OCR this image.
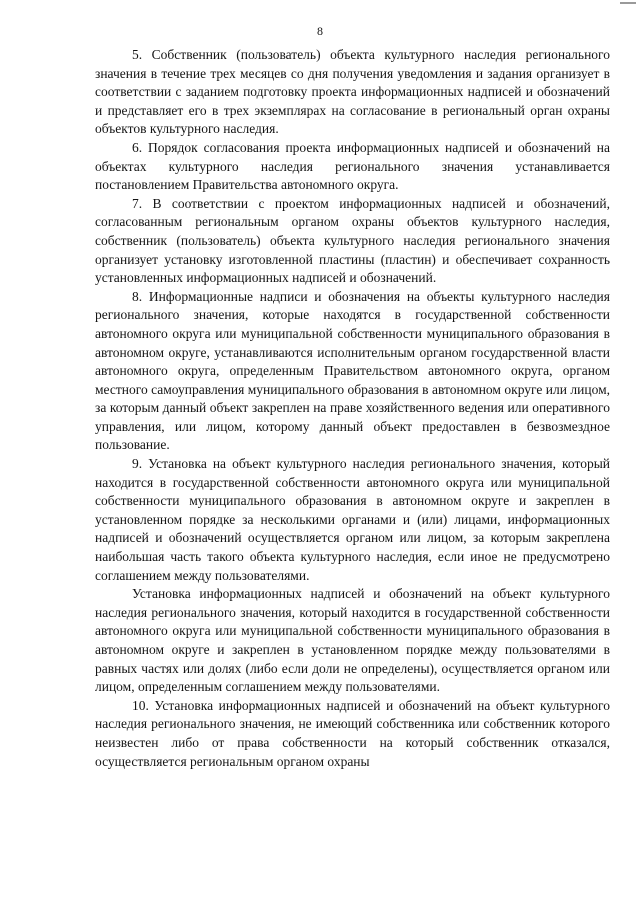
8

5. Собственник (пользователь) объекта культурного наследия регионального значения в течение трех месяцев со дня получения уведомления и задания организует в соответствии с заданием подготовку проекта информационных надписей и обозначений и представляет его в трех экземплярах на согласование в региональный орган охраны объектов культурного наследия.

6. Порядок согласования проекта информационных надписей и обозначений на объектах культурного наследия регионального значения устанавливается постановлением Правительства автономного округа.

7. В соответствии с проектом информационных надписей и обозначений, согласованным региональным органом охраны объектов культурного наследия, собственник (пользователь) объекта культурного наследия регионального значения организует установку изготовленной пластины (пластин) и обеспечивает сохранность установленных информационных надписей и обозначений.

8. Информационные надписи и обозначения на объекты культурного наследия регионального значения, которые находятся в государственной собственности автономного округа или муниципальной собственности муниципального образования в автономном округе, устанавливаются исполнительным органом государственной власти автономного округа, определенным Правительством автономного округа, органом местного самоуправления муниципального образования в автономном округе или лицом, за которым данный объект закреплен на праве хозяйственного ведения или оперативного управления, или лицом, которому данный объект предоставлен в безвозмездное пользование.

9. Установка на объект культурного наследия регионального значения, который находится в государственной собственности автономного округа или муниципальной собственности муниципального образования в автономном округе и закреплен в установленном порядке за несколькими органами и (или) лицами, информационных надписей и обозначений осуществляется органом или лицом, за которым закреплена наибольшая часть такого объекта культурного наследия, если иное не предусмотрено соглашением между пользователями.

Установка информационных надписей и обозначений на объект культурного наследия регионального значения, который находится в государственной собственности автономного округа или муниципальной собственности муниципального образования в автономном округе и закреплен в установленном порядке между пользователями в равных частях или долях (либо если доли не определены), осуществляется органом или лицом, определенным соглашением между пользователями.

10. Установка информационных надписей и обозначений на объект культурного наследия регионального значения, не имеющий собственника или собственник которого неизвестен либо от права собственности на который собственник отказался, осуществляется региональным органом охраны
